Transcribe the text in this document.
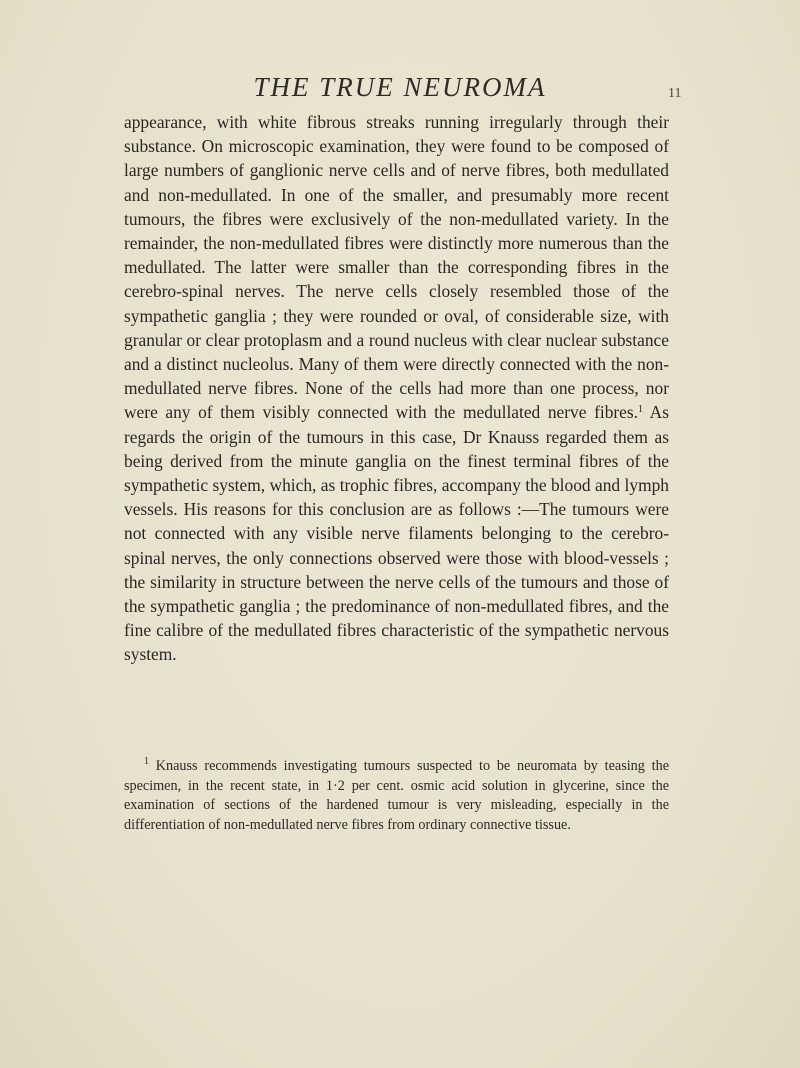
THE TRUE NEUROMA	11

appearance, with white fibrous streaks running irregularly through their substance. On microscopic examination, they were found to be composed of large numbers of ganglionic nerve cells and of nerve fibres, both medullated and non-medullated. In one of the smaller, and presumably more recent tumours, the fibres were exclusively of the non-medullated variety. In the remainder, the non-medullated fibres were distinctly more numerous than the medullated. The latter were smaller than the corresponding fibres in the cerebro-spinal nerves. The nerve cells closely resembled those of the sympathetic ganglia ; they were rounded or oval, of considerable size, with granular or clear protoplasm and a round nucleus with clear nuclear substance and a distinct nucleolus. Many of them were directly connected with the non-medullated nerve fibres. None of the cells had more than one process, nor were any of them visibly connected with the medullated nerve fibres.$^1$ As regards the origin of the tumours in this case, Dr Knauss regarded them as being derived from the minute ganglia on the finest terminal fibres of the sympathetic system, which, as trophic fibres, accompany the blood and lymph vessels. His reasons for this conclusion are as follows :—The tumours were not connected with any visible nerve filaments belonging to the cerebro-spinal nerves, the only connections observed were those with blood-vessels ; the similarity in structure between the nerve cells of the tumours and those of the sympathetic ganglia ; the predominance of non-medullated fibres, and the fine calibre of the medullated fibres characteristic of the sympathetic nervous system.

$^1$ Knauss recommends investigating tumours suspected to be neuromata by teasing the specimen, in the recent state, in 1·2 per cent. osmic acid solution in glycerine, since the examination of sections of the hardened tumour is very misleading, especially in the differentiation of non-medullated nerve fibres from ordinary connective tissue.
